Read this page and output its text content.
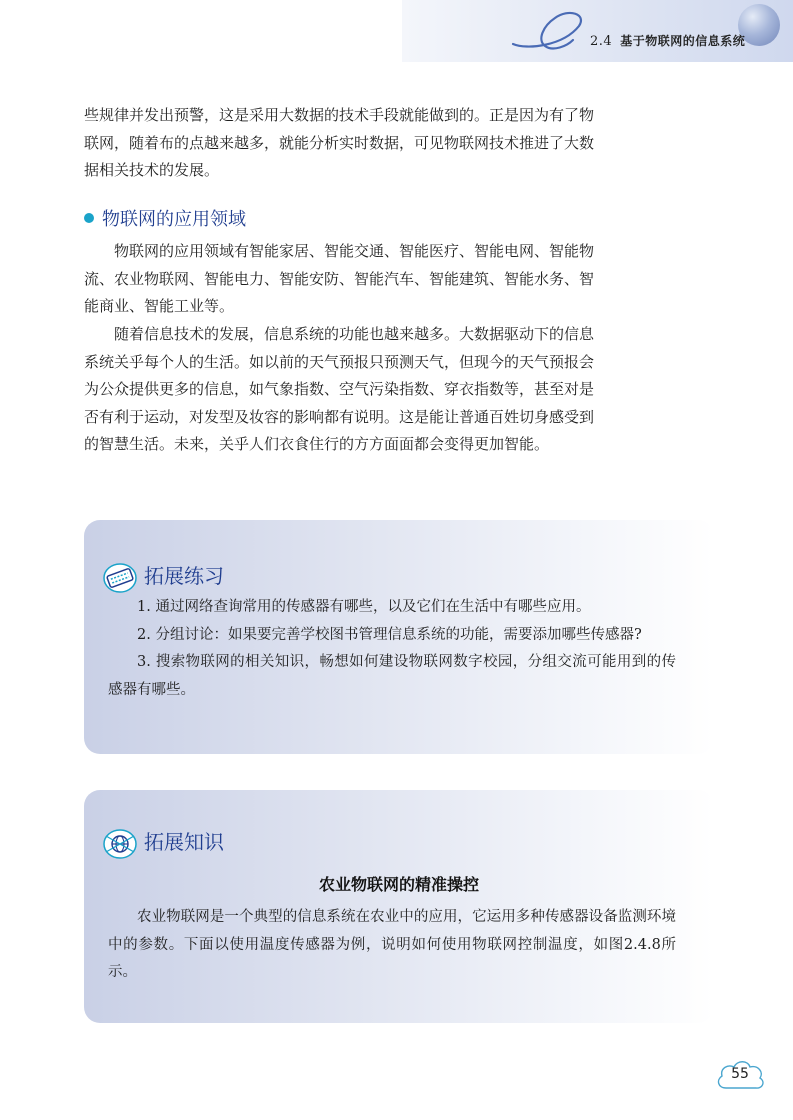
2.4 基于物联网的信息系统

些规律并发出预警，这是采用大数据的技术手段就能做到的。正是因为有了物联网，随着布的点越来越多，就能分析实时数据，可见物联网技术推进了大数据相关技术的发展。

物联网的应用领域

物联网的应用领域有智能家居、智能交通、智能医疗、智能电网、智能物流、农业物联网、智能电力、智能安防、智能汽车、智能建筑、智能水务、智能商业、智能工业等。

随着信息技术的发展，信息系统的功能也越来越多。大数据驱动下的信息系统关乎每个人的生活。如以前的天气预报只预测天气，但现今的天气预报会为公众提供更多的信息，如气象指数、空气污染指数、穿衣指数等，甚至对是否有利于运动，对发型及妆容的影响都有说明。这是能让普通百姓切身感受到的智慧生活。未来，关乎人们衣食住行的方方面面都会变得更加智能。

拓展练习

1. 通过网络查询常用的传感器有哪些，以及它们在生活中有哪些应用。

2. 分组讨论：如果要完善学校图书管理信息系统的功能，需要添加哪些传感器?

3. 搜索物联网的相关知识，畅想如何建设物联网数字校园，分组交流可能用到的传感器有哪些。

拓展知识
农业物联网的精准操控

农业物联网是一个典型的信息系统在农业中的应用，它运用多种传感器设备监测环境中的参数。下面以使用温度传感器为例，说明如何使用物联网控制温度，如图2.4.8所示。

55
